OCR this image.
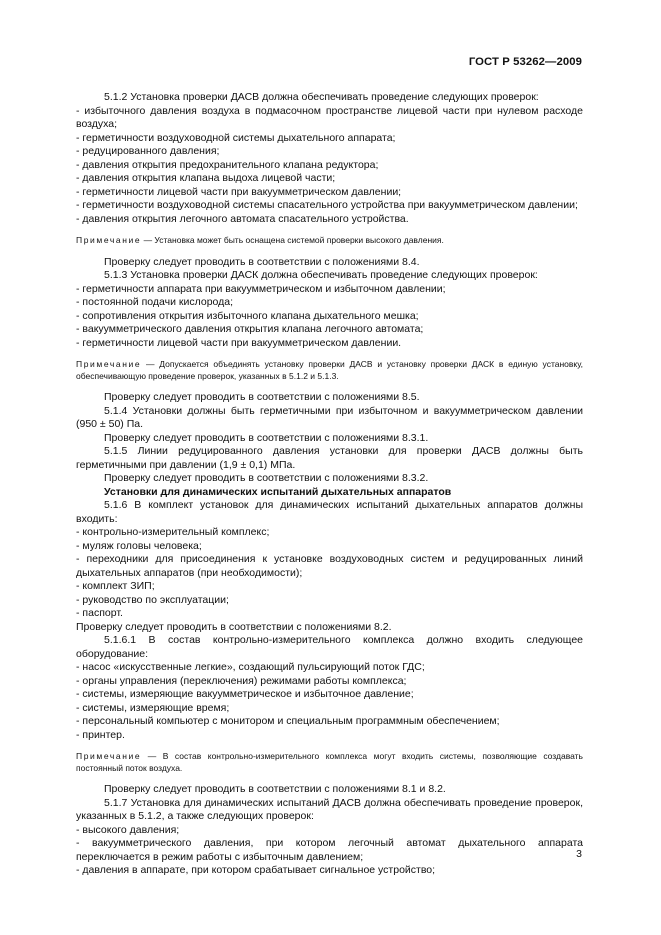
ГОСТ Р 53262—2009

5.1.2 Установка проверки ДАСВ должна обеспечивать проведение следующих проверок:

- избыточного давления воздуха в подмасочном пространстве лицевой части при нулевом расходе воздуха;

- герметичности воздуховодной системы дыхательного аппарата;

- редуцированного давления;

- давления открытия предохранительного клапана редуктора;

- давления открытия клапана выдоха лицевой части;

- герметичности лицевой части при вакуумметрическом давлении;

- герметичности воздуховодной системы спасательного устройства при вакуумметрическом давлении;

- давления открытия легочного автомата спасательного устройства.

Примечание — Установка может быть оснащена системой проверки высокого давления.

Проверку следует проводить в соответствии с положениями 8.4.

5.1.3 Установка проверки ДАСК должна обеспечивать проведение следующих проверок:

- герметичности аппарата при вакуумметрическом и избыточном давлении;

- постоянной подачи кислорода;

- сопротивления открытия избыточного клапана дыхательного мешка;

- вакуумметрического давления открытия клапана легочного автомата;

- герметичности лицевой части при вакуумметрическом давлении.

Примечание — Допускается объединять установку проверки ДАСВ и установку проверки ДАСК в единую установку, обеспечивающую проведение проверок, указанных в 5.1.2 и 5.1.3.

Проверку следует проводить в соответствии с положениями 8.5.

5.1.4 Установки должны быть герметичными при избыточном и вакуумметрическом давлении (950 ± 50) Па.

Проверку следует проводить в соответствии с положениями 8.3.1.

5.1.5 Линии редуцированного давления установки для проверки ДАСВ должны быть герметичными при давлении (1,9 ± 0,1) МПа.

Проверку следует проводить в соответствии с положениями 8.3.2.

Установки для динамических испытаний дыхательных аппаратов

5.1.6 В комплект установок для динамических испытаний дыхательных аппаратов должны входить:

- контрольно-измерительный комплекс;

- муляж головы человека;

- переходники для присоединения к установке воздуховодных систем и редуцированных линий дыхательных аппаратов (при необходимости);

- комплект ЗИП;

- руководство по эксплуатации;

- паспорт.

Проверку следует проводить в соответствии с положениями 8.2.

5.1.6.1 В состав контрольно-измерительного комплекса должно входить следующее оборудование:

- насос «искусственные легкие», создающий пульсирующий поток ГДС;

- органы управления (переключения) режимами работы комплекса;

- системы, измеряющие вакуумметрическое и избыточное давление;

- системы, измеряющие время;

- персональный компьютер с монитором и специальным программным обеспечением;

- принтер.

Примечание — В состав контрольно-измерительного комплекса могут входить системы, позволяющие создавать постоянный поток воздуха.

Проверку следует проводить в соответствии с положениями 8.1 и 8.2.

5.1.7 Установка для динамических испытаний ДАСВ должна обеспечивать проведение проверок, указанных в 5.1.2, а также следующих проверок:

- высокого давления;

- вакуумметрического давления, при котором легочный автомат дыхательного аппарата переключается в режим работы с избыточным давлением;

- давления в аппарате, при котором срабатывает сигнальное устройство;

3
